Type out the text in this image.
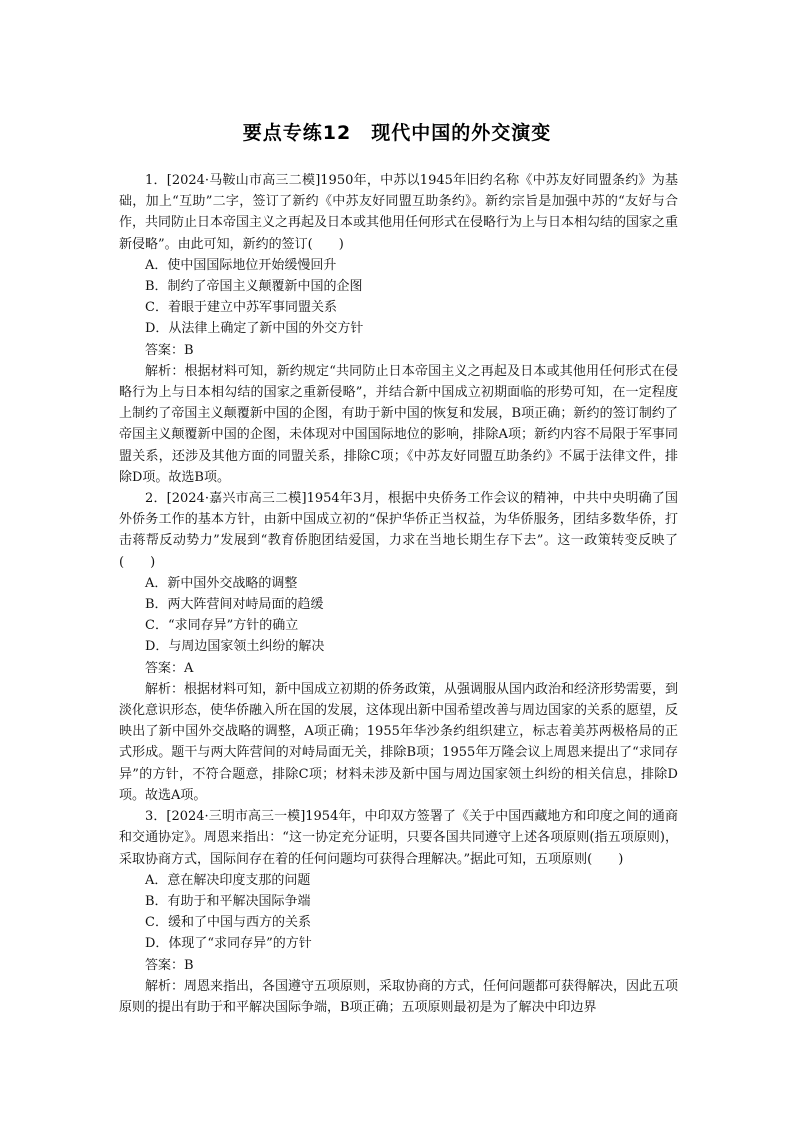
要点专练12　现代中国的外交演变

1．[2024·马鞍山市高三二模]1950年，中苏以1945年旧约名称《中苏友好同盟条约》为基础，加上“互助”二字，签订了新约《中苏友好同盟互助条约》。新约宗旨是加强中苏的“友好与合作，共同防止日本帝国主义之再起及日本或其他用任何形式在侵略行为上与日本相勾结的国家之重新侵略”。由此可知，新约的签订(　　)

A．使中国国际地位开始缓慢回升

B．制约了帝国主义颠覆新中国的企图

C．着眼于建立中苏军事同盟关系

D．从法律上确定了新中国的外交方针

答案：B

解析：根据材料可知，新约规定“共同防止日本帝国主义之再起及日本或其他用任何形式在侵略行为上与日本相勾结的国家之重新侵略”，并结合新中国成立初期面临的形势可知，在一定程度上制约了帝国主义颠覆新中国的企图，有助于新中国的恢复和发展，B项正确；新约的签订制约了帝国主义颠覆新中国的企图，未体现对中国国际地位的影响，排除A项；新约内容不局限于军事同盟关系，还涉及其他方面的同盟关系，排除C项；《中苏友好同盟互助条约》不属于法律文件，排除D项。故选B项。

2．[2024·嘉兴市高三二模]1954年3月，根据中央侨务工作会议的精神，中共中央明确了国外侨务工作的基本方针，由新中国成立初的“保护华侨正当权益，为华侨服务，团结多数华侨，打击蒋帮反动势力”发展到“教育侨胞团结爱国，力求在当地长期生存下去”。这一政策转变反映了(　　)

A．新中国外交战略的调整

B．两大阵营间对峙局面的趋缓

C．“求同存异”方针的确立

D．与周边国家领土纠纷的解决

答案：A

解析：根据材料可知，新中国成立初期的侨务政策，从强调服从国内政治和经济形势需要，到淡化意识形态，使华侨融入所在国的发展，这体现出新中国希望改善与周边国家的关系的愿望，反映出了新中国外交战略的调整，A项正确；1955年华沙条约组织建立，标志着美苏两极格局的正式形成。题干与两大阵营间的对峙局面无关，排除B项；1955年万隆会议上周恩来提出了“求同存异”的方针，不符合题意，排除C项；材料未涉及新中国与周边国家领土纠纷的相关信息，排除D项。故选A项。

3．[2024·三明市高三一模]1954年，中印双方签署了《关于中国西藏地方和印度之间的通商和交通协定》。周恩来指出：“这一协定充分证明，只要各国共同遵守上述各项原则(指五项原则)，采取协商方式，国际间存在着的任何问题均可获得合理解决。”据此可知，五项原则(　　)

A．意在解决印度支那的问题

B．有助于和平解决国际争端

C．缓和了中国与西方的关系

D．体现了“求同存异”的方针

答案：B

解析：周恩来指出，各国遵守五项原则，采取协商的方式，任何问题都可获得解决，因此五项原则的提出有助于和平解决国际争端，B项正确；五项原则最初是为了解决中印边界
